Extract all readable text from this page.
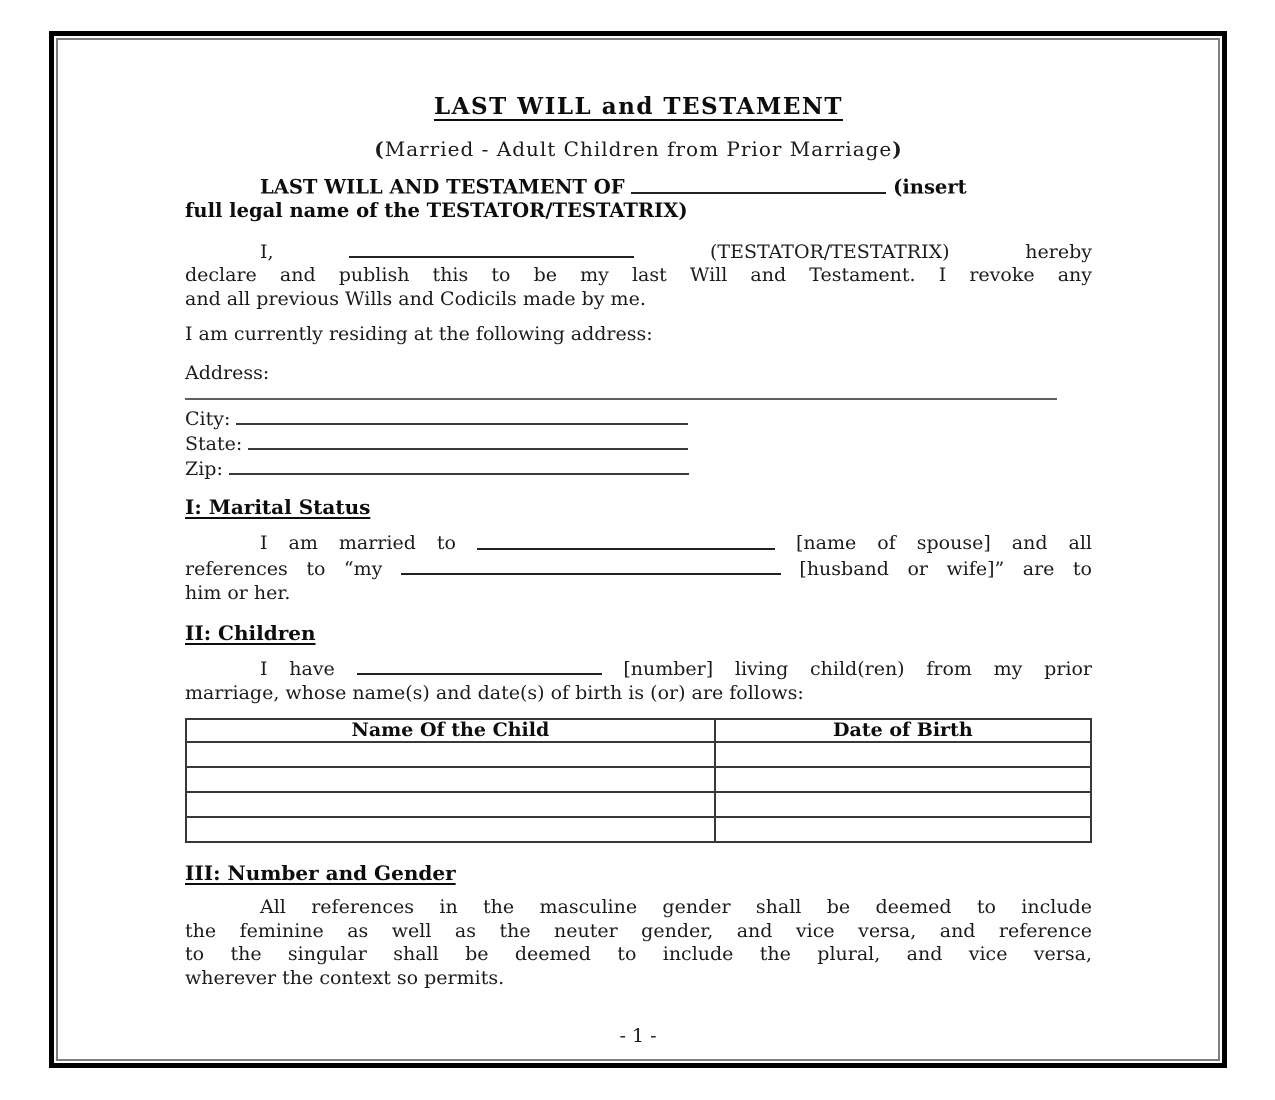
LAST WILL and TESTAMENT
(Married - Adult Children from Prior Marriage)
LAST WILL AND TESTAMENT OF	(insert
full legal name of the TESTATOR/TESTATRIX)
I,	(TESTATOR/TESTATRIX) hereby
declare and publish this to be my last Will and Testament. I revoke any
and all previous Wills and Codicils made by me.
I am currently residing at the following address:
Address:
City:
State:
Zip:
I: Marital Status
I am married to	[name of spouse] and all
references to “my	[husband or wife]” are to
him or her.
II: Children
I have	[number] living child(ren) from my prior
marriage, whose name(s) and date(s) of birth is (or) are follows:
Name Of the Child	Date of Birth

III: Number and Gender
All references in the masculine gender shall be deemed to include
the feminine as well as the neuter gender, and vice versa, and reference
to the singular shall be deemed to include the plural, and vice versa,
wherever the context so permits.
- 1 -
